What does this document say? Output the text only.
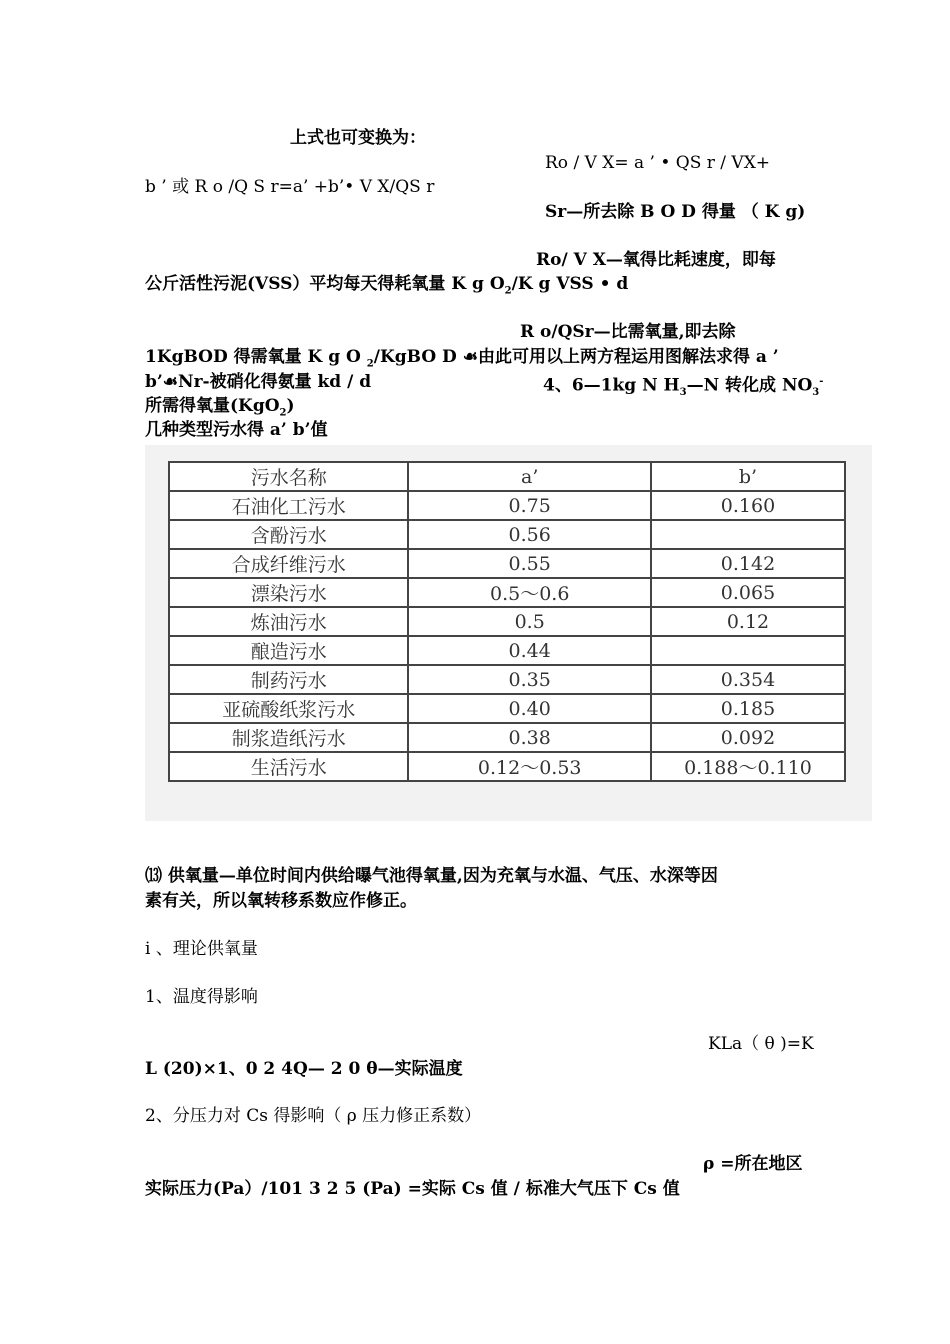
上式也可变换为：
Ro / V X= a ’ • QS r / VX+
b ’ 或 R o /Q S r=a’ +b’• V X/QS r
Sr—所去除 B O D 得量 （ K g)
Ro/ V X—氧得比耗速度，即每
公斤活性污泥(VSS）平均每天得耗氧量 K g $O_2/K$ g VSS • d
R o/QSr—比需氧量,即去除
1KgBOD 得需氧量 K g O $_2$/KgBO D ☙由此可用以上两方程运用图解法求得 a ’
b’☙Nr-被硝化得氨量 kd / d	4、6—1kg N $H_3—N$ 转化成 $NO_3^-$
所需得氧量(KgO$_2$)
几种类型污水得 a’ b’值
污水名称	a’	b’
石油化工污水	0.75	0.160
含酚污水	0.56	
合成纤维污水	0.55	0.142
漂染污水	0.5～0.6	0.065
炼油污水	0.5	0.12
酿造污水	0.44	
制药污水	0.35	0.354
亚硫酸纸浆污水	0.40	0.185
制浆造纸污水	0.38	0.092
生活污水	0.12～0.53	0.188～0.110
⒀ 供氧量—单位时间内供给曝气池得氧量,因为充氧与水温、气压、水深等因
素有关，所以氧转移系数应作修正。
ⅰ 、理论供氧量
1、温度得影响
KLa（ θ )=K
L (20)×1、0 2 4Q— 2 0 θ—实际温度
2、分压力对 Cs 得影响（ ρ 压力修正系数）
ρ =所在地区
实际压力(Pa）/101 3 2 5 (Pa) =实际 Cs 值 / 标准大气压下 Cs 值
